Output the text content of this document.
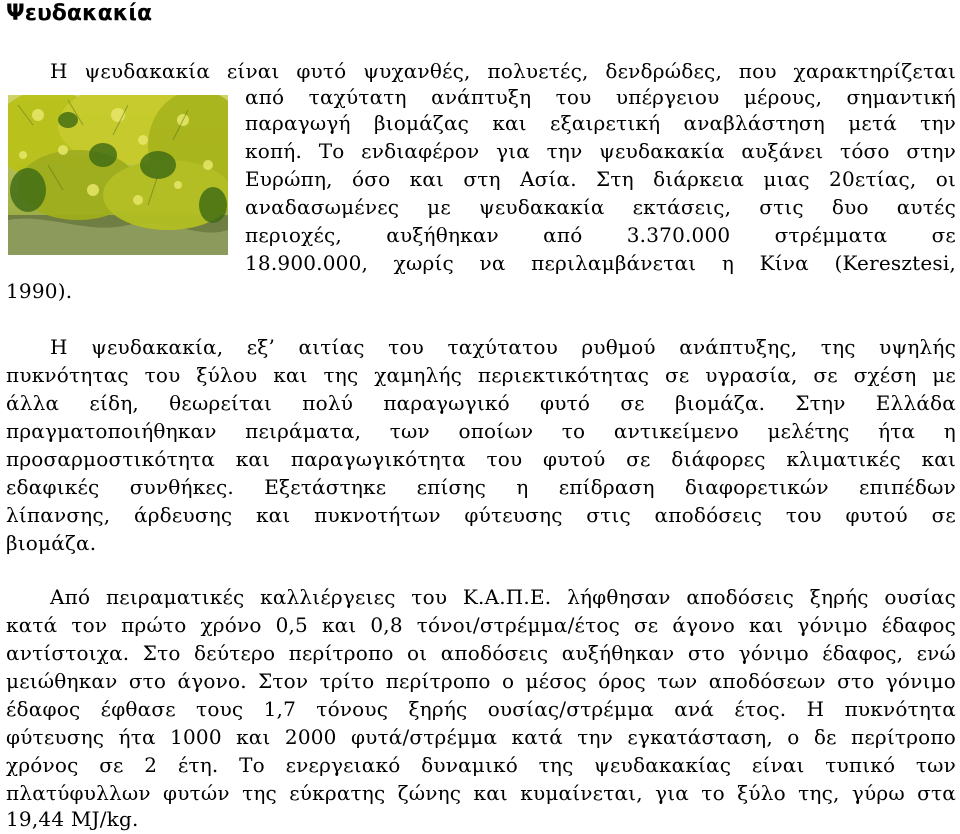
Ψευδακακία
Η ψευδακακία είναι φυτό ψυχανθές, πολυετές, δενδρώδες, που χαρακτηρίζεται
από ταχύτατη ανάπτυξη του υπέργειου μέρους, σημαντική
παραγωγή βιομάζας και εξαιρετική αναβλάστηση μετά την
κοπή. Το ενδιαφέρον για την ψευδακακία αυξάνει τόσο στην
Ευρώπη, όσο και στη Ασία. Στη διάρκεια μιας 20ετίας, οι
αναδασωμένες με ψευδακακία εκτάσεις, στις δυο αυτές
περιοχές, αυξήθηκαν από 3.370.000 στρέμματα σε
18.900.000, χωρίς να περιλαμβάνεται η Κίνα (Keresztesi,
1990).
Η ψευδακακία, εξ’ αιτίας του ταχύτατου ρυθμού ανάπτυξης, της υψηλής
πυκνότητας του ξύλου και της χαμηλής περιεκτικότητας σε υγρασία, σε σχέση με
άλλα είδη, θεωρείται πολύ παραγωγικό φυτό σε βιομάζα. Στην Ελλάδα
πραγματοποιήθηκαν πειράματα, των οποίων το αντικείμενο μελέτης ήτα η
προσαρμοστικότητα και παραγωγικότητα του φυτού σε διάφορες κλιματικές και
εδαφικές συνθήκες. Εξετάστηκε επίσης η επίδραση διαφορετικών επιπέδων
λίπανσης, άρδευσης και πυκνοτήτων φύτευσης στις αποδόσεις του φυτού σε
βιομάζα.
Από πειραματικές καλλιέργειες του Κ.Α.Π.Ε. λήφθησαν αποδόσεις ξηρής ουσίας
κατά τον πρώτο χρόνο 0,5 και 0,8 τόνοι/στρέμμα/έτος σε άγονο και γόνιμο έδαφος
αντίστοιχα. Στο δεύτερο περίτροπο οι αποδόσεις αυξήθηκαν στο γόνιμο έδαφος, ενώ
μειώθηκαν στο άγονο. Στον τρίτο περίτροπο ο μέσος όρος των αποδόσεων στο γόνιμο
έδαφος έφθασε τους 1,7 τόνους ξηρής ουσίας/στρέμμα ανά έτος. Η πυκνότητα
φύτευσης ήτα 1000 και 2000 φυτά/στρέμμα κατά την εγκατάσταση, ο δε περίτροπο
χρόνος σε 2 έτη. Το ενεργειακό δυναμικό της ψευδακακίας είναι τυπικό των
πλατύφυλλων φυτών της εύκρατης ζώνης και κυμαίνεται, για το ξύλο της, γύρω στα
19,44 MJ/kg.
